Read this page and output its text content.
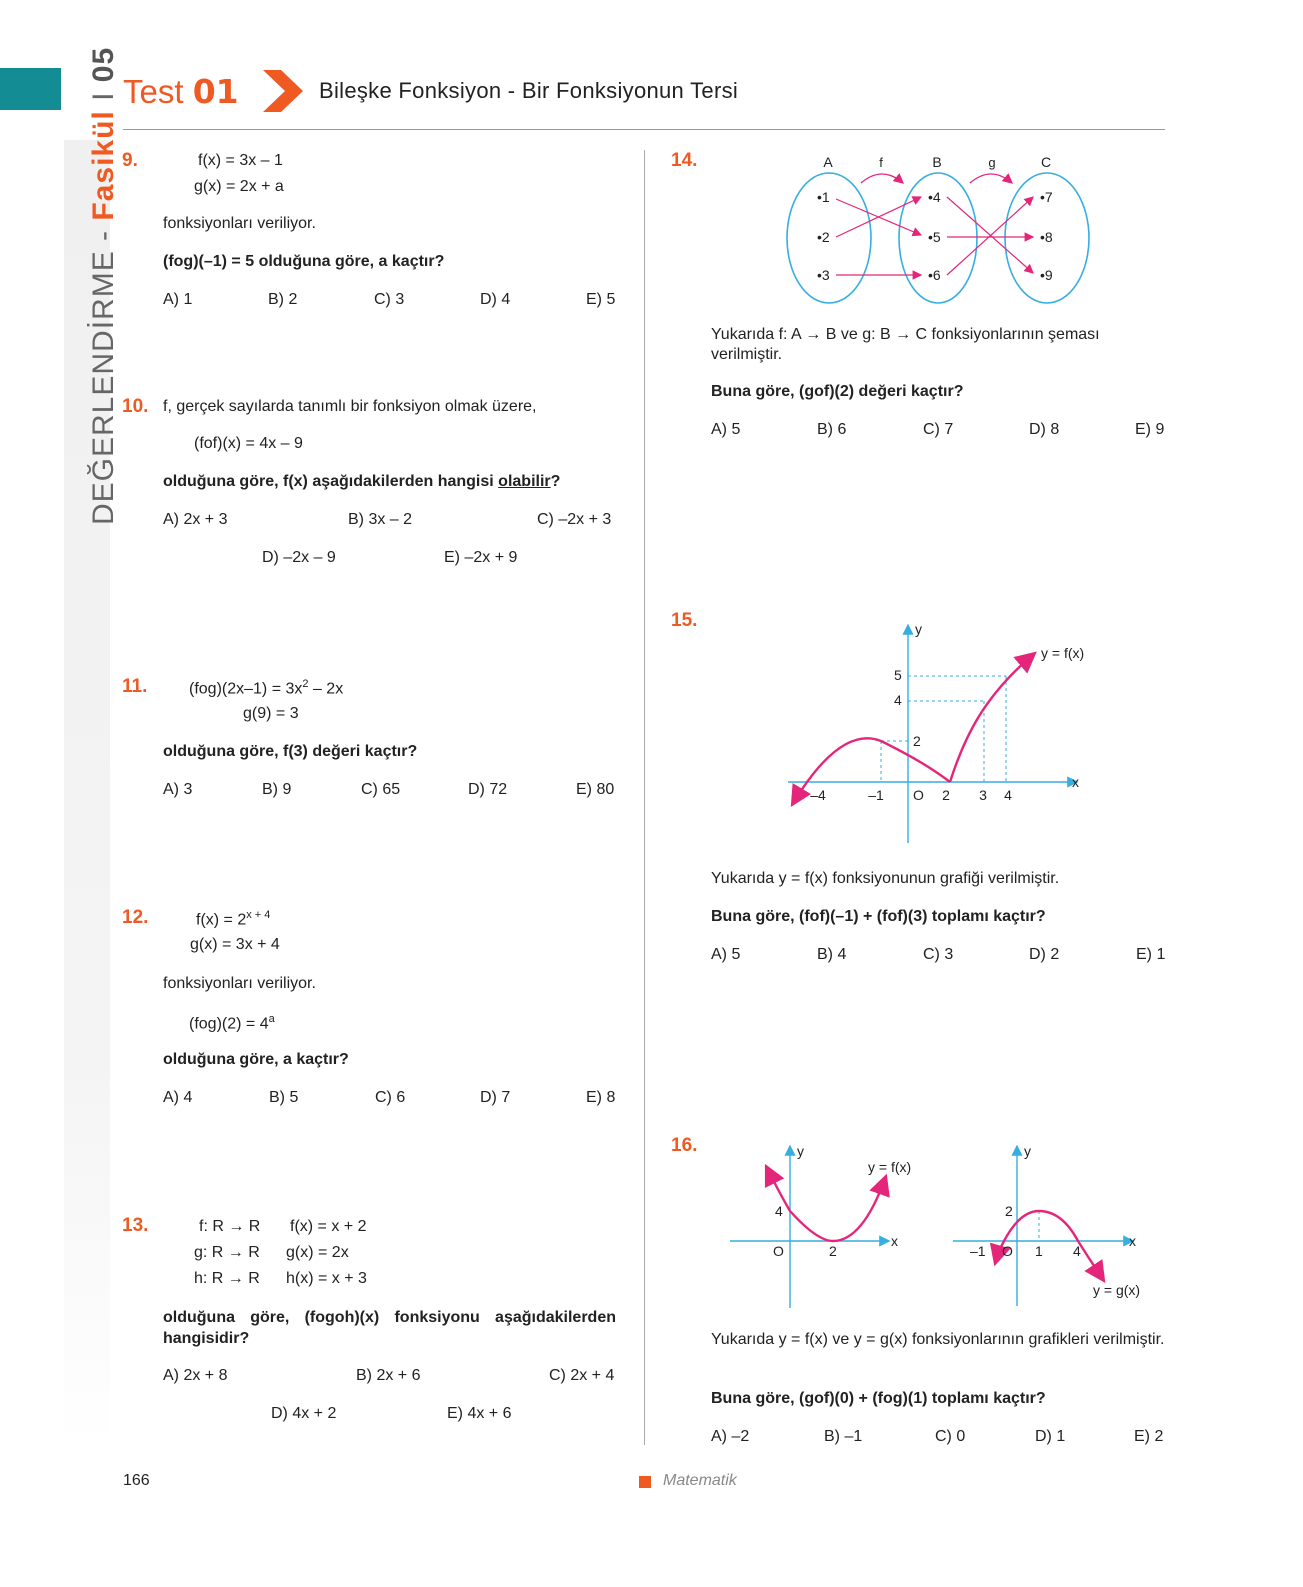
DEĞERLENDİRME - Fasikül I 05
Test 01	Bileşke Fonksiyon - Bir Fonksiyonun Tersi
9.	f(x) = 3x – 1
g(x) = 2x + a
fonksiyonları veriliyor.
(fog)(–1) = 5 olduğuna göre, a kaçtır?
A) 1	B) 2	C) 3	D) 4	E) 5
10. f, gerçek sayılarda tanımlı bir fonksiyon olmak üzere,
(fof)(x) = 4x – 9
olduğuna göre, f(x) aşağıdakilerden hangisi olabilir?
A) 2x + 3	B) 3x – 2	C) –2x + 3
D) –2x – 9	E) –2x + 9
11.	$(fog)(2x-1) = 3x^2 - 2x$
g(9) = 3
olduğuna göre, f(3) değeri kaçtır?
A) 3	B) 9	C) 65	D) 72	E) 80
12.	$f(x) = 2^{x + 4}$
g(x) = 3x + 4
fonksiyonları veriliyor.
$(fog)(2) = 4^a$
olduğuna göre, a kaçtır?
A) 4	B) 5	C) 6	D) 7	E) 8
13.	f: R → R
g: R → R
h: R → R
f(x) = x + 2
g(x) = 2x
h(x) = x + 3
olduğuna göre, (fogoh)(x) fonksiyonu aşağıdakilerden hangisidir?
A) 2x + 8	B) 2x + 6	C) 2x + 4
D) 4x + 2	E) 4x + 6
14.	A	B	C
f	g
•1
•2
•3
•4
•5
•6
•7
•8
•9
Yukarıda f: A → B ve g: B → C fonksiyonlarının şeması verilmiştir.
Buna göre, (gof)(2) değeri kaçtır?
A) 5	B) 6	C) 7	D) 8	E) 9
15.	y
x
y = f(x)
O
–4	–1	2 3 4
5
4
2
Yukarıda y = f(x) fonksiyonunun grafiği verilmiştir.
Buna göre, (fof)(–1) + (fof)(3) toplamı kaçtır?
A) 5	B) 4	C) 3	D) 2	E) 1
16.	y
x
y = f(x)
O	2
4
y
x
y = g(x)
O
–1	1 4
2
Yukarıda y = f(x) ve y = g(x) fonksiyonlarının grafikleri verilmiştir.
Buna göre, (gof)(0) + (fog)(1) toplamı kaçtır?
A) –2	B) –1	C) 0	D) 1	E) 2
166	Matematik
